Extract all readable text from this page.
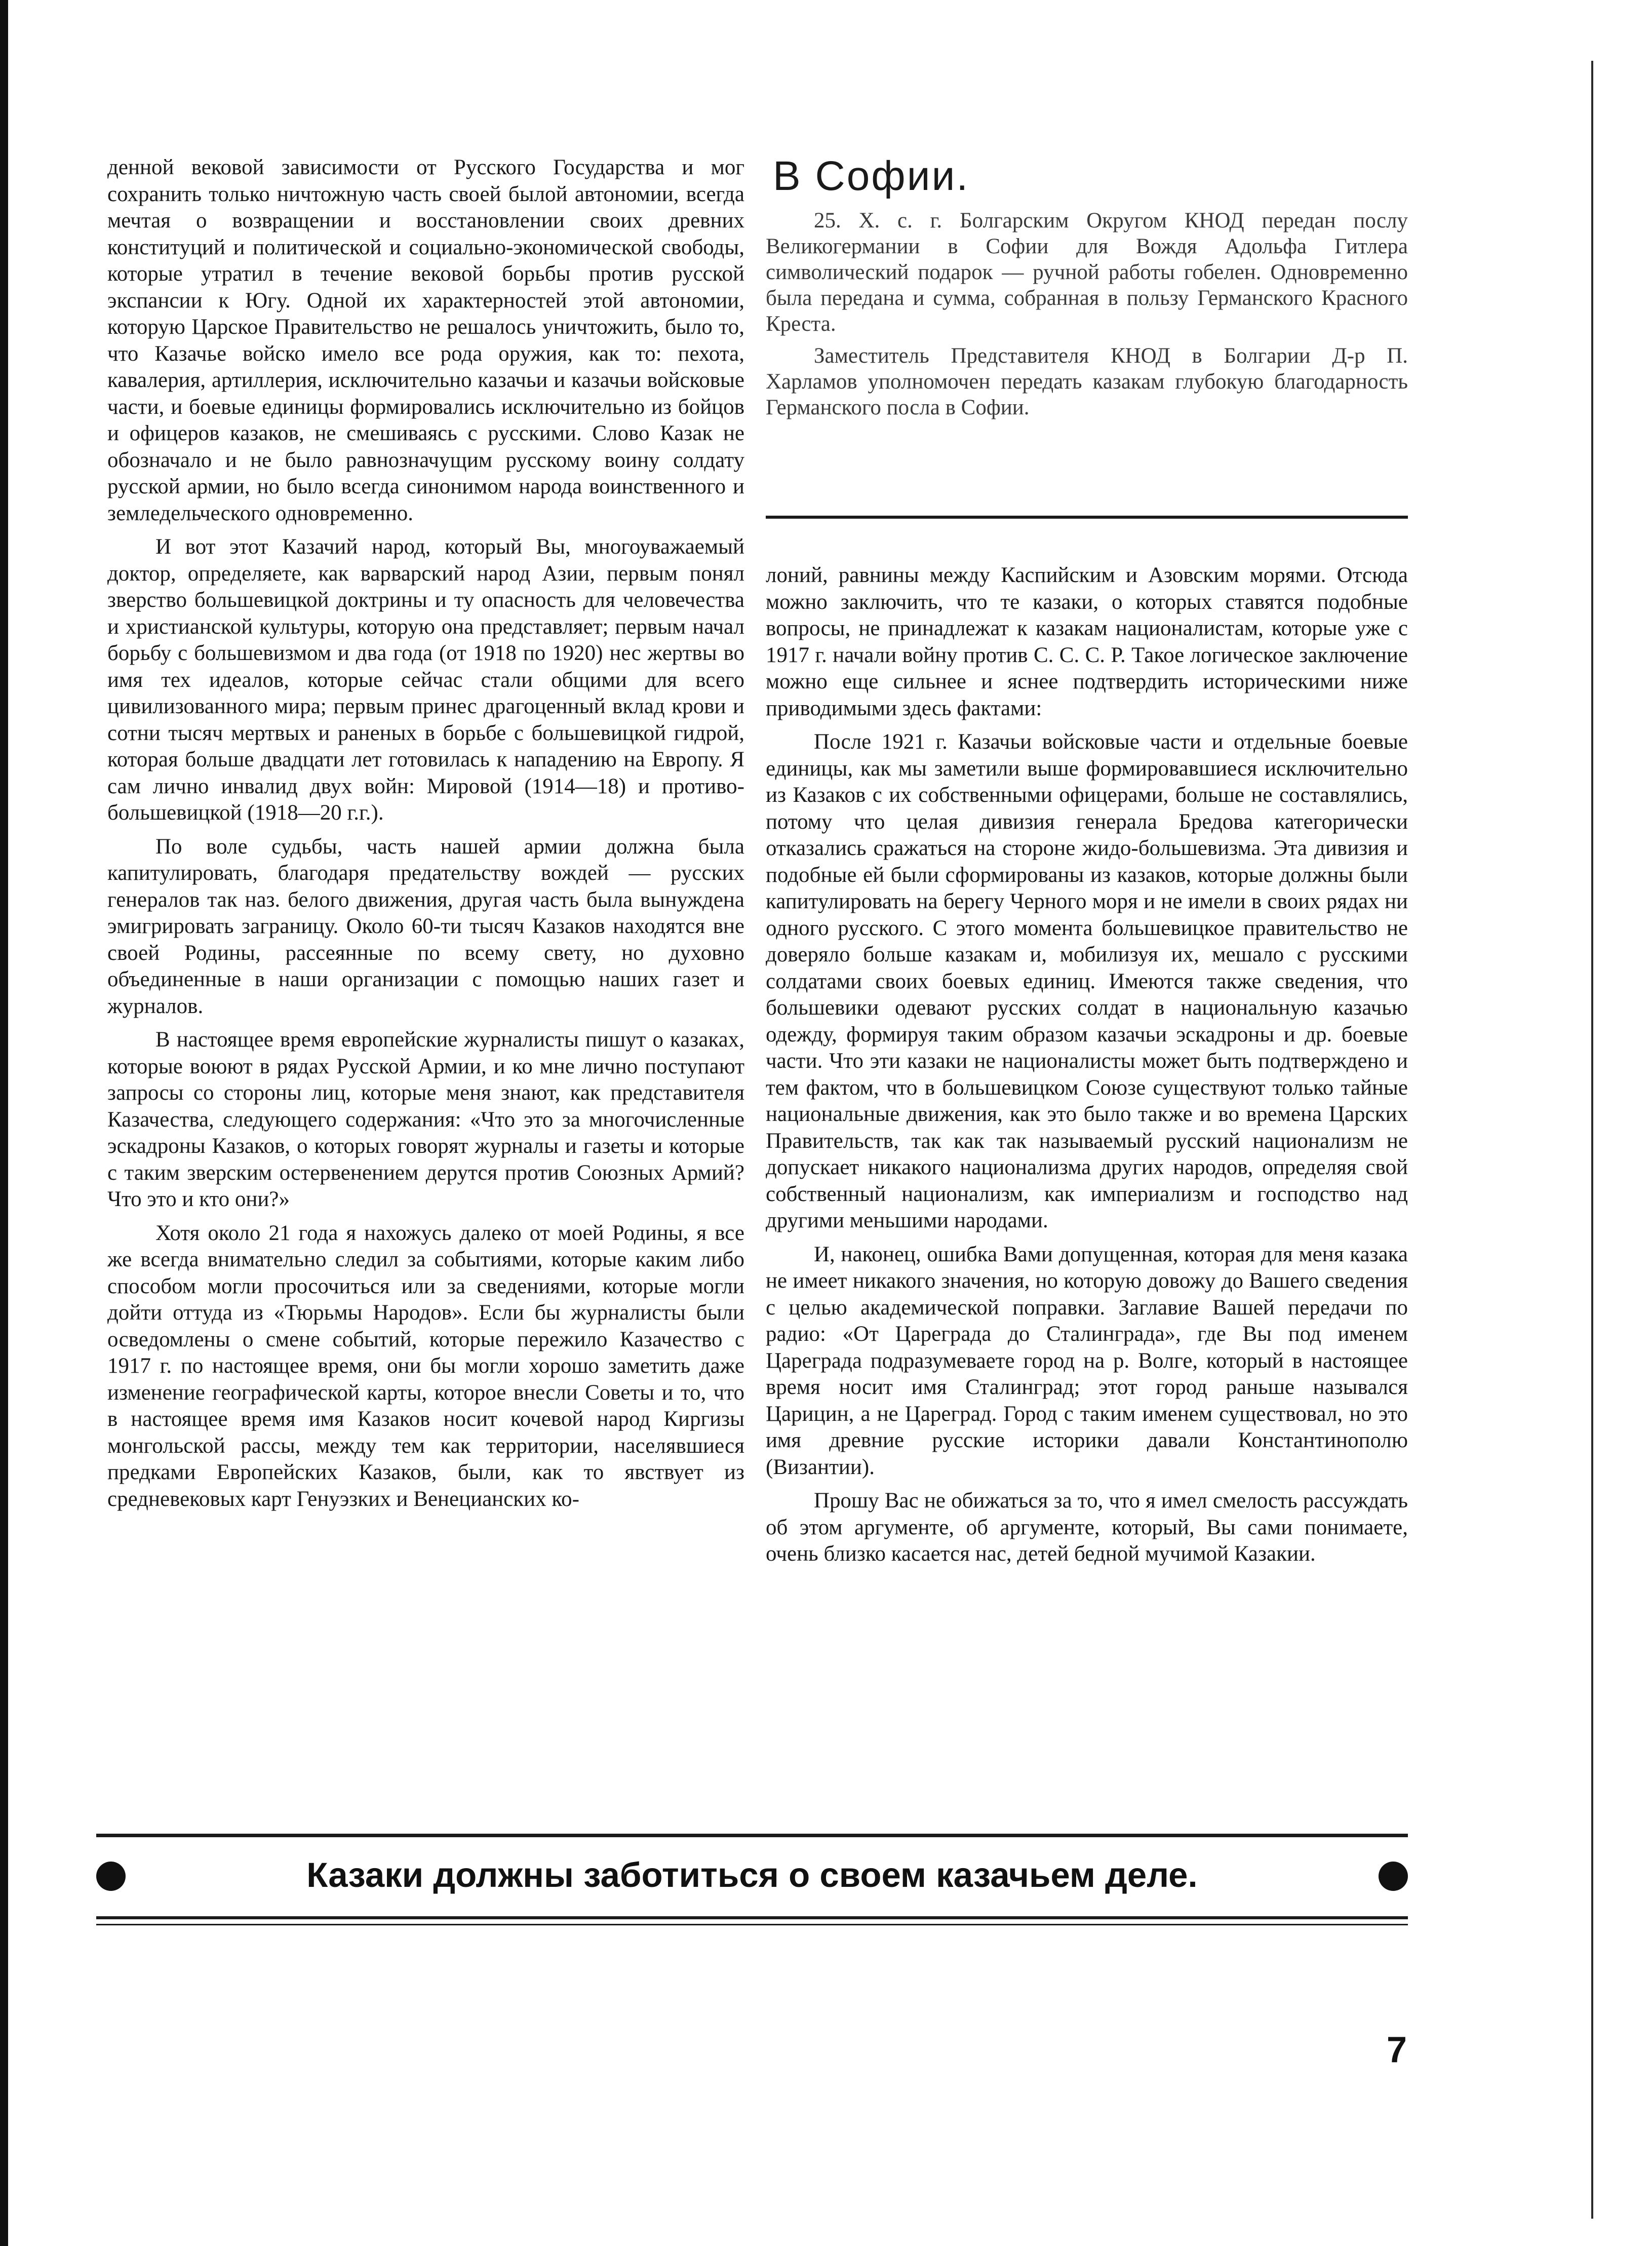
денной вековой зависимости от Русского Государства и мог сохранить только ничтожную часть своей былой автономии, всегда мечтая о возвращении и восстановлении своих древних конституций и политической и социально-экономической свободы, которые утратил в течение вековой борьбы против русской экспансии к Югу. Одной их характерностей этой автономии, которую Царское Правительство не решалось уничтожить, было то, что Казачье войско имело все рода оружия, как то: пехота, кавалерия, артиллерия, исключительно казачьи и казачьи войсковые части, и боевые единицы формировались исключительно из бойцов и офицеров казаков, не смешиваясь с русскими. Слово Казак не обозначало и не было равнозначущим русскому воину солдату русской армии, но было всегда синонимом народа воинственного и земледельческого одновременно.

И вот этот Казачий народ, который Вы, многоуважаемый доктор, определяете, как варварский народ Азии, первым понял зверство большевицкой доктрины и ту опасность для человечества и христианской культуры, которую она представляет; первым начал борьбу с большевизмом и два года (от 1918 по 1920) нес жертвы во имя тех идеалов, которые сейчас стали общими для всего цивилизованного мира; первым принес драгоценный вклад крови и сотни тысяч мертвых и раненых в борьбе с большевицкой гидрой, которая больше двадцати лет готовилась к нападению на Европу. Я сам лично инвалид двух войн: Мировой (1914—18) и противо-большевицкой (1918—20 г.г.).

По воле судьбы, часть нашей армии должна была капитулировать, благодаря предательству вождей — русских генералов так наз. белого движения, другая часть была вынуждена эмигрировать заграницу. Около 60-ти тысяч Казаков находятся вне своей Родины, рассеянные по всему свету, но духовно объединенные в наши организации с помощью наших газет и журналов.

В настоящее время европейские журналисты пишут о казаках, которые воюют в рядах Русской Армии, и ко мне лично поступают запросы со стороны лиц, которые меня знают, как представителя Казачества, следующего содержания: «Что это за многочисленные эскадроны Казаков, о которых говорят журналы и газеты и которые с таким зверским остервенением дерутся против Союзных Армий? Что это и кто они?»

Хотя около 21 года я нахожусь далеко от моей Родины, я все же всегда внимательно следил за событиями, которые каким либо способом могли просочиться или за сведениями, которые могли дойти оттуда из «Тюрьмы Народов». Если бы журналисты были осведомлены о смене событий, которые пережило Казачество с 1917 г. по настоящее время, они бы могли хорошо заметить даже изменение географической карты, которое внесли Советы и то, что в настоящее время имя Казаков носит кочевой народ Киргизы монгольской рассы, между тем как территории, населявшиеся предками Европейских Казаков, были, как то явствует из средневековых карт Генуэзких и Венецианских ко-

В Софии.

25. X. с. г. Болгарским Округом КНОД передан послу Великогермании в Софии для Вождя Адольфа Гитлера символический подарок — ручной работы гобелен. Одновременно была передана и сумма, собранная в пользу Германского Красного Креста.

Заместитель Представителя КНОД в Болгарии Д-р П. Харламов уполномочен передать казакам глубокую благодарность Германского посла в Софии.

лоний, равнины между Каспийским и Азовским морями. Отсюда можно заключить, что те казаки, о которых ставятся подобные вопросы, не принадлежат к казакам националистам, которые уже с 1917 г. начали войну против С. С. С. Р. Такое логическое заключение можно еще сильнее и яснее подтвердить историческими ниже приводимыми здесь фактами:

После 1921 г. Казачьи войсковые части и отдельные боевые единицы, как мы заметили выше формировавшиеся исключительно из Казаков с их собственными офицерами, больше не составлялись, потому что целая дивизия генерала Бредова категорически отказались сражаться на стороне жидо-большевизма. Эта дивизия и подобные ей были сформированы из казаков, которые должны были капитулировать на берегу Черного моря и не имели в своих рядах ни одного русского. С этого момента большевицкое правительство не доверяло больше казакам и, мобилизуя их, мешало с русскими солдатами своих боевых единиц. Имеются также сведения, что большевики одевают русских солдат в национальную казачью одежду, формируя таким образом казачьи эскадроны и др. боевые части. Что эти казаки не националисты может быть подтверждено и тем фактом, что в большевицком Союзе существуют только тайные национальные движения, как это было также и во времена Царских Правительств, так как так называемый русский национализм не допускает никакого национализма других народов, определяя свой собственный национализм, как империализм и господство над другими меньшими народами.

И, наконец, ошибка Вами допущенная, которая для меня казака не имеет никакого значения, но которую довожу до Вашего сведения с целью академической поправки. Заглавие Вашей передачи по радио: «От Цареграда до Сталинграда», где Вы под именем Цареграда подразумеваете город на р. Волге, который в настоящее время носит имя Сталинград; этот город раньше назывался Царицин, а не Цареград. Город с таким именем существовал, но это имя древние русские историки давали Константинополю (Византии).

Прошу Вас не обижаться за то, что я имел смелость рассуждать об этом аргументе, об аргументе, который, Вы сами понимаете, очень близко касается нас, детей бедной мучимой Казакии.

Казаки должны заботиться о своем казачьем деле.
7
